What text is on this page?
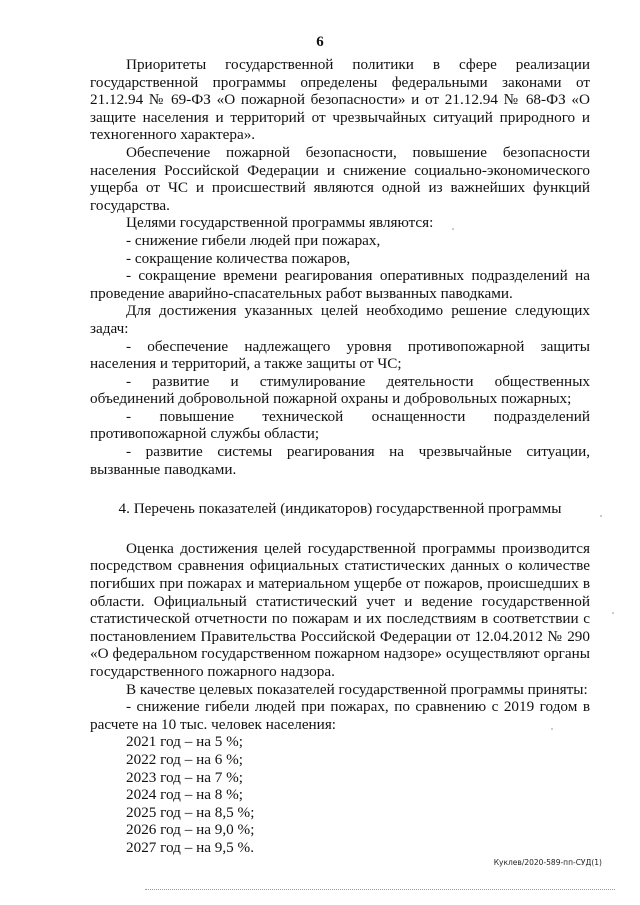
6

Приоритеты государственной политики в сфере реализации государственной программы определены федеральными законами от 21.12.94 № 69-ФЗ «О пожарной безопасности» и от 21.12.94 № 68-ФЗ «О защите населения и территорий от чрезвычайных ситуаций природного и техногенного характера».

Обеспечение пожарной безопасности, повышение безопасности населения Российской Федерации и снижение социально-экономического ущерба от ЧС и происшествий являются одной из важнейших функций государства.

Целями государственной программы являются:

- снижение гибели людей при пожарах,

- сокращение количества пожаров,

- сокращение времени реагирования оперативных подразделений на проведение аварийно-спасательных работ вызванных паводками.

Для достижения указанных целей необходимо решение следующих задач:

- обеспечение надлежащего уровня противопожарной защиты населения и территорий, а также защиты от ЧС;

- развитие и стимулирование деятельности общественных объединений добровольной пожарной охраны и добровольных пожарных;

- повышение технической оснащенности подразделений противопожарной службы области;

- развитие системы реагирования на чрезвычайные ситуации, вызванные паводками.

4. Перечень показателей (индикаторов) государственной программы

Оценка достижения целей государственной программы производится посредством сравнения официальных статистических данных о количестве погибших при пожарах и материальном ущербе от пожаров, происшедших в области. Официальный статистический учет и ведение государственной статистической отчетности по пожарам и их последствиям в соответствии с постановлением Правительства Российской Федерации от 12.04.2012 № 290 «О федеральном государственном пожарном надзоре» осуществляют органы государственного пожарного надзора.

В качестве целевых показателей государственной программы приняты:

- снижение гибели людей при пожарах, по сравнению с 2019 годом в расчете на 10 тыс. человек населения:

2021 год – на 5 %;
2022 год – на 6 %;
2023 год – на 7 %;
2024 год – на 8 %;
2025 год – на 8,5 %;
2026 год – на 9,0 %;
2027 год – на 9,5 %.
Куклев/2020-589-пп-СУД(1)
